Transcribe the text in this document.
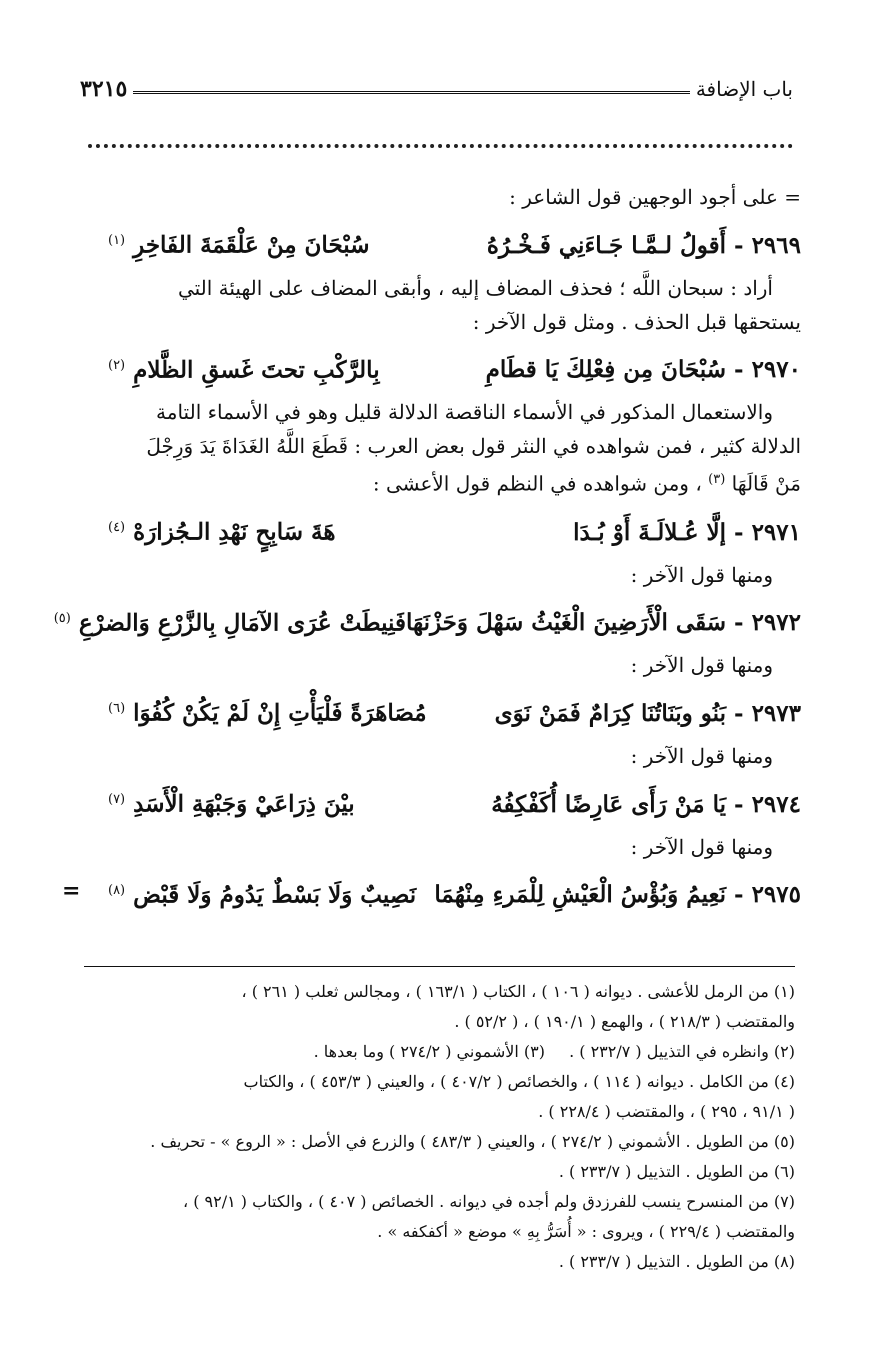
باب الإضافة
٣٢١٥
= على أجود الوجهين قول الشاعر :
٢٩٦٩ -
أَقولُ لـمَّـا جَـاءَنِي فَـخْـرُهُ
سُبْحَانَ مِنْ عَلْقَمَةَ الفَاخِرِ $^{(١)}$
أراد : سبحان اللَّه ؛ فحذف المضاف إليه ، وأبقى المضاف على الهيئة التي
يستحقها قبل الحذف . ومثل قول الآخر :
٢٩٧٠ -
سُبْحَانَ مِن فِعْلِكَ يَا قطَامِ
بِالرَّكْبِ تحتَ غَسقِ الظَّلامِ $^{(٢)}$
والاستعمال المذكور في الأسماء الناقصة الدلالة قليل وهو في الأسماء التامة
الدلالة كثير ، فمن شواهده في النثر قول بعض العرب : قَطَعَ اللَّهُ الغَدَاةَ يَدَ وَرِجْلَ
مَنْ قَالَهَا $^{(٣)}$ ، ومن شواهده في النظم قول الأعشى :
٢٩٧١ -
إلَّا عُـلالَـةَ أَوْ بُـدَا
هَةَ سَابِحٍ نَهْدِ الـجُزارَهْ $^{(٤)}$
ومنها قول الآخر :
٢٩٧٢ -
سَقَى الْأَرَضِينَ الْغَيْثُ سَهْلَ وَحَزْنَهَا
فَنِيطَتْ عُرَى الآمَالِ بِالزَّرْعِ وَالضرْعِ $^{(٥)}$
ومنها قول الآخر :
٢٩٧٣ -
بَنُو وبَنَاتُنَا كِرَامٌ فَمَنْ نَوَى
مُصَاهَرَةً فَلْيَأْتِ إِنْ لَمْ يَكُنْ كُفُوَا $^{(٦)}$
ومنها قول الآخر :
٢٩٧٤ -
يَا مَنْ رَأَى عَارِضًا أُكَفْكِفُهُ
بيْنَ ذِرَاعَيْ وَجَبْهَةِ الْأَسَدِ $^{(٧)}$
ومنها قول الآخر :
٢٩٧٥ -
نَعِيمُ وَبُؤْسُ الْعَيْشِ لِلْمَرءِ مِنْهُمَا
نَصِيبٌ وَلَا بَسْطٌ يَدُومُ وَلَا قَبْض $^{(٨)}$
=
(١) من الرمل للأعشى . ديوانه ( ١٠٦ ) ، الكتاب ( ١٦٣/١ ) ، ومجالس ثعلب ( ٢٦١ ) ،
والمقتضب ( ٢١٨/٣ ) ، والهمع ( ١٩٠/١ ) ، ( ٥٢/٢ ) .
(٢) وانظره في التذييل ( ٢٣٢/٧ ) .
(٣) الأشموني ( ٢٧٤/٢ ) وما بعدها .
(٤) من الكامل . ديوانه ( ١١٤ ) ، والخصائص ( ٤٠٧/٢ ) ، والعيني ( ٤٥٣/٣ ) ، والكتاب
( ٩١/١ ، ٢٩٥ ) ، والمقتضب ( ٢٢٨/٤ ) .
(٥) من الطويل . الأشموني ( ٢٧٤/٢ ) ، والعيني ( ٤٨٣/٣ ) والزرع في الأصل : « الروع » - تحريف .
(٦) من الطويل . التذييل ( ٢٣٣/٧ ) .
(٧) من المنسرح ينسب للفرزدق ولم أجده في ديوانه . الخصائص ( ٤٠٧ ) ، والكتاب ( ٩٢/١ ) ،
والمقتضب ( ٢٢٩/٤ ) ، ويروى : « أُسَرُّ بِهِ » موضع « أكفكفه » .
(٨) من الطويل . التذييل ( ٢٣٣/٧ ) .
